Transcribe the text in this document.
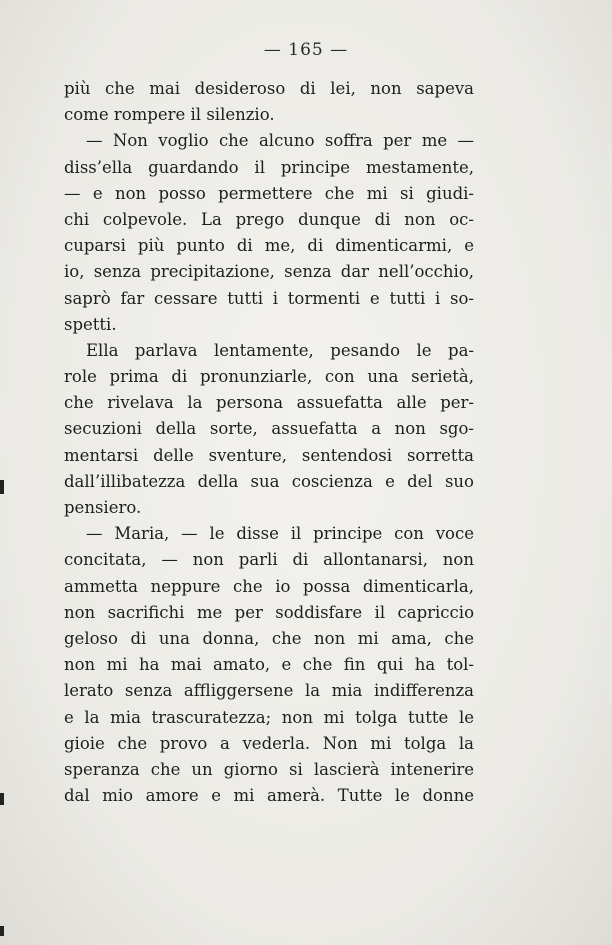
— 165 —
più che mai desideroso di lei, non sapeva
come rompere il silenzio.
— Non voglio che alcuno soffra per me —
diss’ella guardando il principe mestamente,
— e non posso permettere che mi si giudi-
chi colpevole. La prego dunque di non oc-
cuparsi più punto di me, di dimenticarmi, e
io, senza precipitazione, senza dar nell’occhio,
saprò far cessare tutti i tormenti e tutti i so-
spetti.
Ella parlava lentamente, pesando le pa-
role prima di pronunziarle, con una serietà,
che rivelava la persona assuefatta alle per-
secuzioni della sorte, assuefatta a non sgo-
mentarsi delle sventure, sentendosi sorretta
dall’illibatezza della sua coscienza e del suo
pensiero.
— Maria, — le disse il principe con voce
concitata, — non parli di allontanarsi, non
ammetta neppure che io possa dimenticarla,
non sacrifichi me per soddisfare il capriccio
geloso di una donna, che non mi ama, che
non mi ha mai amato, e che fin qui ha tol-
lerato senza affliggersene la mia indifferenza
e la mia trascuratezza; non mi tolga tutte le
gioie che provo a vederla. Non mi tolga la
speranza che un giorno si lascierà intenerire
dal mio amore e mi amerà. Tutte le donne
